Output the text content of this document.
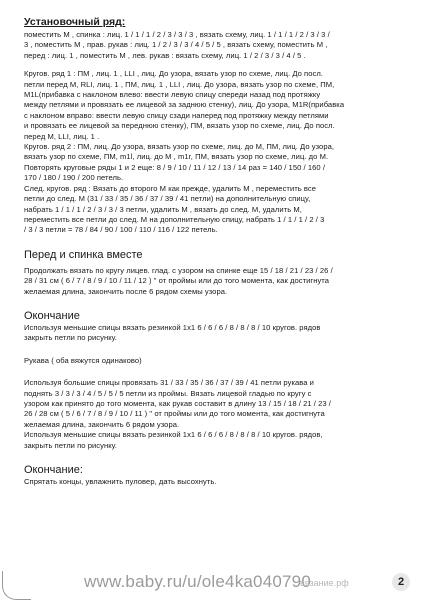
Установочный ряд:

поместить М , спинка : лиц. 1 / 1 / 1 / 2 / 3 / 3 / 3 , вязать схему, лиц. 1 / 1 / 1 / 2 / 3 / 3 /

3 , поместить М , прав. рукав : лиц. 1 / 2 / 3 / 3 / 4 / 5 / 5 , вязать схему, поместить М ,

перед : лиц. 1 , поместить М , лев. рукав : вязать схему, лиц. 1 / 2 / 3 / 3 / 4 / 5 .

Кругов. ряд 1 : ПМ , лиц. 1 , LLI , лиц. До узора, вязать узор по схеме, лиц. До посл.

петли перед М, RLI, лиц. 1 , ПМ, лиц. 1 , LLI , лиц. До узора, вязать узор по схеме, ПМ,

M1L(прибавка с наклоном влево: ввести левую спицу спереди назад под протяжку

между петлями и провязать ее лицевой за заднюю стенку), лиц. До узора, M1R(прибавка

с наклоном вправо: ввести левую спицу сзади наперед под протяжку между петлями

и провязать ее лицевой за переднюю стенку), ПМ, вязать узор по схеме, лиц. До посл.

перед М, LLI, лиц. 1 .

Кругов. ряд 2 : ПМ, лиц. До узора, вязать узор по схеме, лиц. до М, ПМ, лиц. До узора,

вязать узор по схеме, ПМ, m1l, лиц. до М , m1r, ПМ, вязать узор по схеме, лиц. до М.

Повторять круговые ряды 1 и 2 еще: 8 / 9 / 10 / 11 / 12 / 13 / 14 раз = 140 / 150 / 160 /

170 / 180 / 190 / 200 петель.

След. кругов. ряд : Вязать до второго М как прежде, удалить М , переместить все

петли до след. М (31 / 33 / 35 / 36 / 37 / 39 / 41 петли) на дополнительную спицу,

набрать 1 / 1 / 1 / 2 / 3 / 3 / 3 петли, удалить М , вязать до след. М, удалить М,

переместить все петли до след. М на дополнительную спицу, набрать 1 / 1 / 1 / 2 / 3

/ 3 / 3 петли = 78 / 84 / 90 / 100 / 110 / 116 / 122 петель.

Перед и спинка вместе

Продолжать вязать по кругу лицев. глад. с узором на спинке еще 15 / 18 / 21 / 23 / 26 /

28 / 31 см ( 6 / 7 / 8 / 9 / 10 / 11 / 12 ) " от проймы или до того момента, как достигнута

желаемая длина, закончить после 6 рядом схемы узора.

Окончание

Используя меньшие спицы вязать резинкой 1х1 6 / 6 / 6 / 8 / 8 / 8 / 10 кругов. рядов

закрыть петли по рисунку.

Рукава ( оба вяжутся одинаково)

Используя большие спицы провязать 31 / 33 / 35 / 36 / 37 / 39 / 41 петли рукава и

поднять 3 / 3 / 3 / 4 / 5 / 5 / 5 петли из проймы. Вязать лицевой гладью по кругу с

узором как принято до того момента, как рукав составит в длину 13 / 15 / 18 / 21 / 23 /

26 / 28 см ( 5 / 6 / 7 / 8 / 9 / 10 / 11 ) " от проймы или до того момента, как достигнута

желаемая длина, закончить 6 рядом узора.

Используя меньшие спицы вязать резинкой 1х1 6 / 6 / 6 / 8 / 8 / 8 / 10 кругов. рядов,

закрыть петли по рисунку.

Окончание:

Спрятать концы, увлажнить пуловер, дать высохнуть.

www.baby.ru/u/ole4ka040790
вязание.рф	2
